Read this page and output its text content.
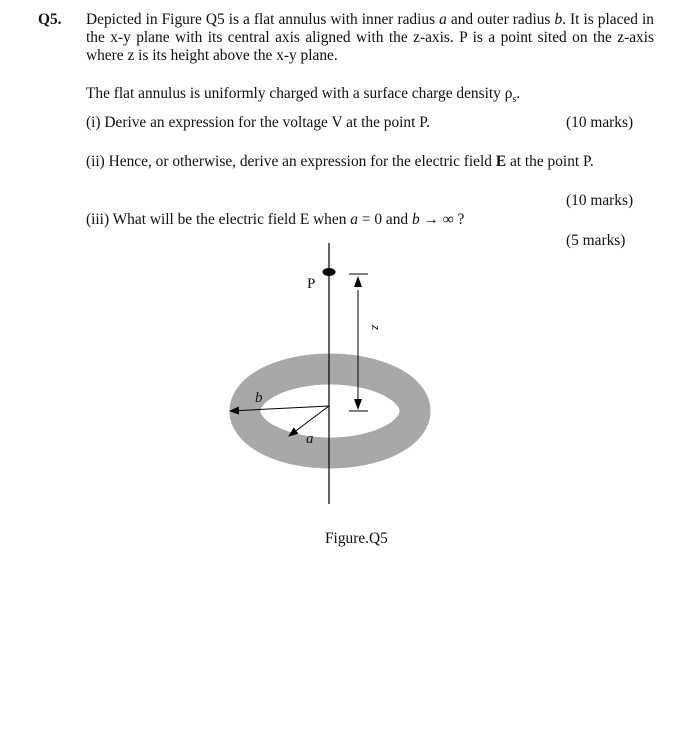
Q5. Depicted in Figure Q5 is a flat annulus with inner radius a and outer radius b. It is placed in the x-y plane with its central axis aligned with the z-axis. P is a point sited on the z-axis where z is its height above the x-y plane.
The flat annulus is uniformly charged with a surface charge density $\rho_s$.
(i) Derive an expression for the voltage V at the point P.	(10 marks)
(ii) Hence, or otherwise, derive an expression for the electric field E at the point P.
(10 marks)
(iii) What will be the electric field E when a = 0 and b → ∞ ?
(5 marks)
P
z
b
a
Figure.Q5
